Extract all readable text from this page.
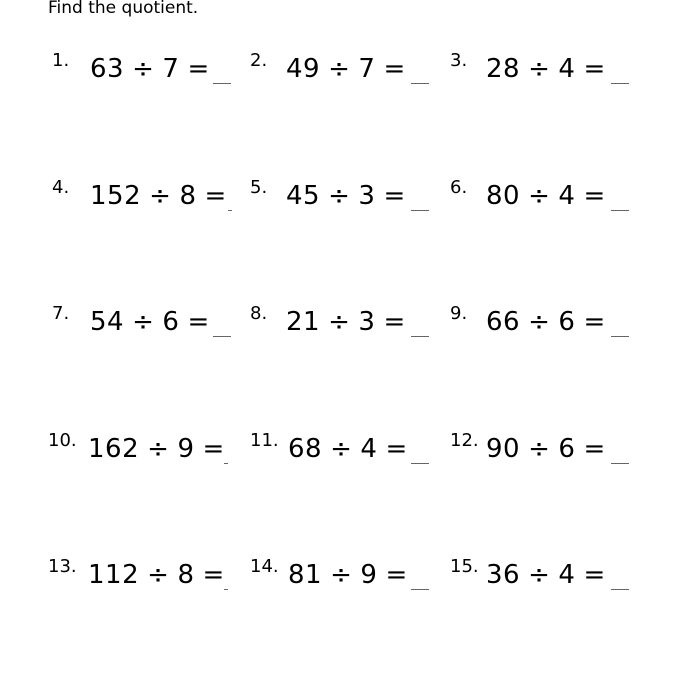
Find the quotient.
1. 63 ÷ 7 =	2. 49 ÷ 7 =	3. 28 ÷ 4 =
4. 152 ÷ 8 =	5. 45 ÷ 3 =	6. 80 ÷ 4 =
7. 54 ÷ 6 =	8. 21 ÷ 3 =	9. 66 ÷ 6 =
10. 162 ÷ 9 =	11. 68 ÷ 4 =	12. 90 ÷ 6 =
13. 112 ÷ 8 =	14. 81 ÷ 9 =	15. 36 ÷ 4 =
